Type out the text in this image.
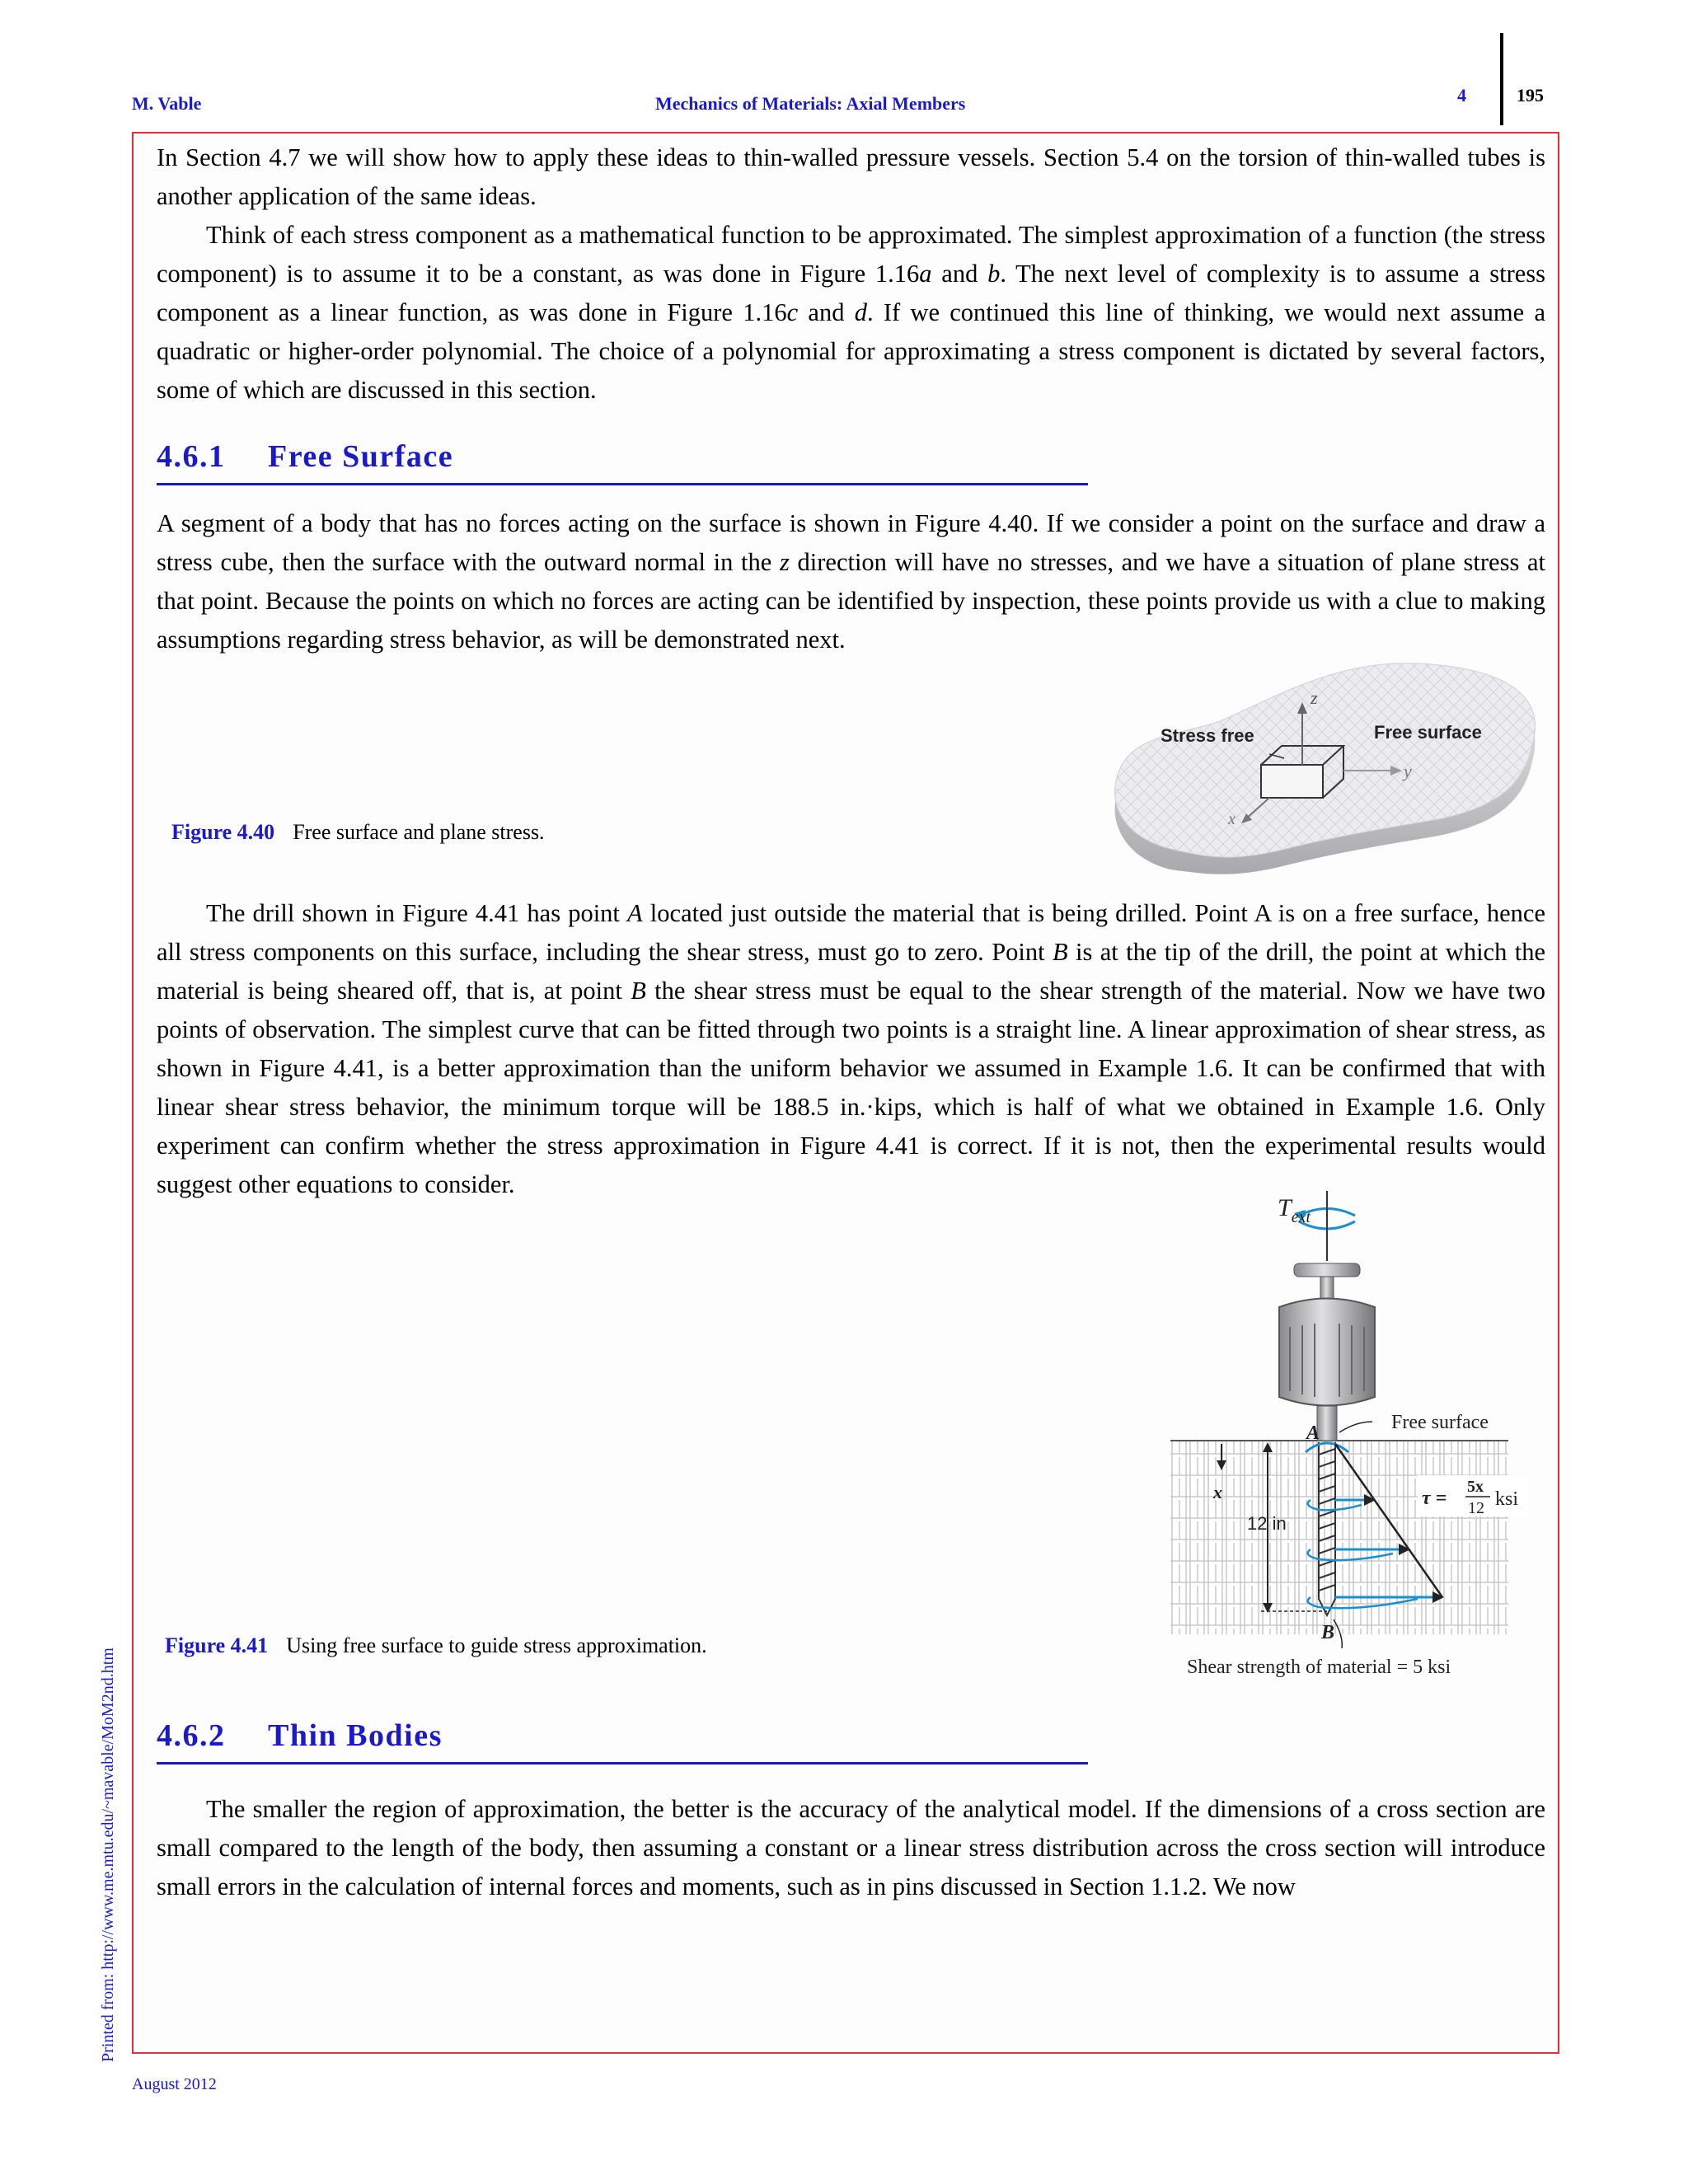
M. Vable	Mechanics of Materials: Axial Members	4	195

In Section 4.7 we will show how to apply these ideas to thin-walled pressure vessels. Section 5.4 on the torsion of thin-walled tubes is another application of the same ideas.

Think of each stress component as a mathematical function to be approximated. The simplest approximation of a function (the stress component) is to assume it to be a constant, as was done in Figure 1.16a and b. The next level of complexity is to assume a stress component as a linear function, as was done in Figure 1.16c and d. If we continued this line of thinking, we would next assume a quadratic or higher-order polynomial. The choice of a polynomial for approximating a stress component is dictated by several factors, some of which are discussed in this section.

4.6.1 Free Surface

A segment of a body that has no forces acting on the surface is shown in Figure 4.40. If we consider a point on the surface and draw a stress cube, then the surface with the outward normal in the z direction will have no stresses, and we have a situation of plane stress at that point. Because the points on which no forces are acting can be identified by inspection, these points provide us with a clue to making assumptions regarding stress behavior, as will be demonstrated next.

Figure 4.40 Free surface and plane stress.
z
y
x
Stress free	Free surface

The drill shown in Figure 4.41 has point A located just outside the material that is being drilled. Point A is on a free surface, hence all stress components on this surface, including the shear stress, must go to zero. Point B is at the tip of the drill, the point at which the material is being sheared off, that is, at point B the shear stress must be equal to the shear strength of the material. Now we have two points of observation. The simplest curve that can be fitted through two points is a straight line. A linear approximation of shear stress, as shown in Figure 4.41, is a better approximation than the uniform behavior we assumed in Example 1.6. It can be confirmed that with linear shear stress behavior, the minimum torque will be 188.5 in.·kips, which is half of what we obtained in Example 1.6. Only experiment can confirm whether the stress approximation in Figure 4.41 is correct. If it is not, then the experimental results would suggest other equations to consider.

Figure 4.41 Using free surface to guide stress approximation.
$T_{ext}$
A
B
Free surface
x
12 in
τ =
5x
12 ksi
Shear strength of material = 5 ksi
4.6.2 Thin Bodies

The smaller the region of approximation, the better is the accuracy of the analytical model. If the dimensions of a cross section are small compared to the length of the body, then assuming a constant or a linear stress distribution across the cross section will introduce small errors in the calculation of internal forces and moments, such as in pins discussed in Section 1.1.2. We now

Printed from: http://www.me.mtu.edu/~mavable/MoM2nd.htm
August 2012
